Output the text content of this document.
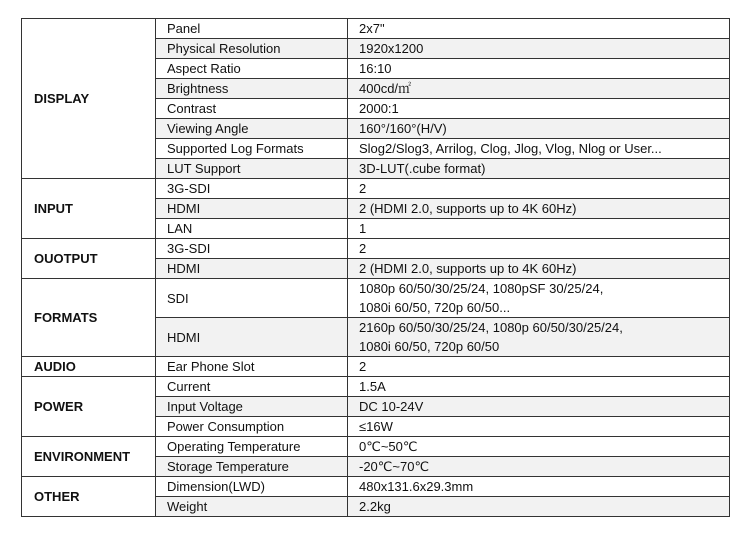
DISPLAY	Panel	2x7"

	Physical Resolution	1920x1200

	Aspect Ratio	16:10

	Brightness	400cd/㎡

	Contrast	2000:1

	Viewing Angle	160°/160°(H/V)

	Supported Log Formats	Slog2/Slog3, Arrilog, Clog, Jlog, Vlog, Nlog or User...

	LUT Support	3D-LUT(.cube format)

INPUT	3G-SDI	2

	HDMI	2 (HDMI 2.0, supports up to 4K 60Hz)

	LAN	1

OUOTPUT	3G-SDI	2

	HDMI	2 (HDMI 2.0, supports up to 4K 60Hz)

FORMATS	SDI	1080p 60/50/30/25/24, 1080pSF 30/25/24,
1080i 60/50, 720p 60/50...

	HDMI	2160p 60/50/30/25/24, 1080p 60/50/30/25/24,
1080i 60/50, 720p 60/50

AUDIO	Ear Phone Slot	2

POWER	Current	1.5A

	Input Voltage	DC 10-24V

	Power Consumption	≤16W

ENVIRONMENT	Operating Temperature	0℃~50℃

	Storage Temperature	-20℃~70℃

OTHER	Dimension(LWD)	480x131.6x29.3mm

	Weight	2.2kg
